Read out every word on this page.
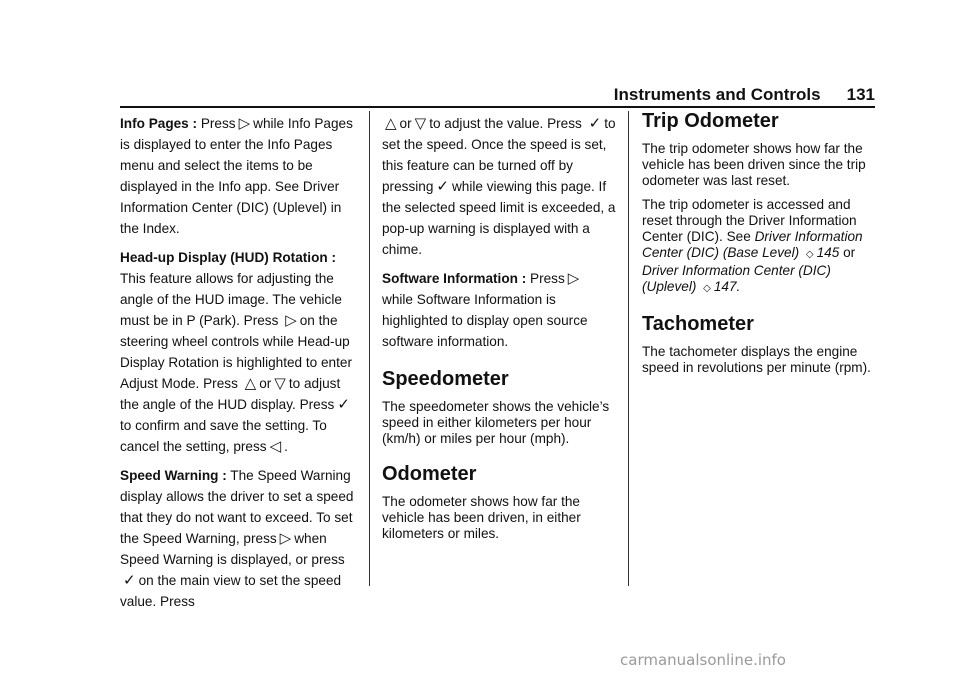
Instruments and Controls 131

Info Pages : Press ▷ while Info Pages is displayed to enter the Info Pages menu and select the items to be displayed in the Info app. See Driver Information Center (DIC) (Uplevel) in the Index.

Head-up Display (HUD) Rotation : This feature allows for adjusting the angle of the HUD image. The vehicle must be in P (Park). Press ▷ on the steering wheel controls while Head-up Display Rotation is highlighted to enter Adjust Mode. Press △ or ▽ to adjust the angle of the HUD display. Press ✓to confirm and save the setting. To cancel the setting, press ◁ .

Speed Warning : The Speed Warning display allows the driver to set a speed that they do not want to exceed. To set the Speed Warning, press ▷ when Speed Warning is displayed, or press✓ on the main view to set the speed value. Press

△ or ▽ to adjust the value. Press ✓ to set the speed. Once the speed is set, this feature can be turned off by pressing ✓ while viewing this page. If the selected speed limit is exceeded, a pop-up warning is displayed with a chime.

Software Information : Press ▷ while Software Information is highlighted to display open source software information.

Speedometer

The speedometer shows the vehicle’s speed in either kilometers per hour (km/h) or miles per hour (mph).

Odometer

The odometer shows how far the vehicle has been driven, in either kilometers or miles.

Trip Odometer

The trip odometer shows how far the vehicle has been driven since the trip odometer was last reset.

The trip odometer is accessed and reset through the Driver Information Center (DIC). See Driver Information Center (DIC) (Base Level) ◇ 145 or Driver Information Center (DIC) (Uplevel) ◇ 147.

Tachometer

The tachometer displays the engine speed in revolutions per minute (rpm).

carmanualsonline.info
